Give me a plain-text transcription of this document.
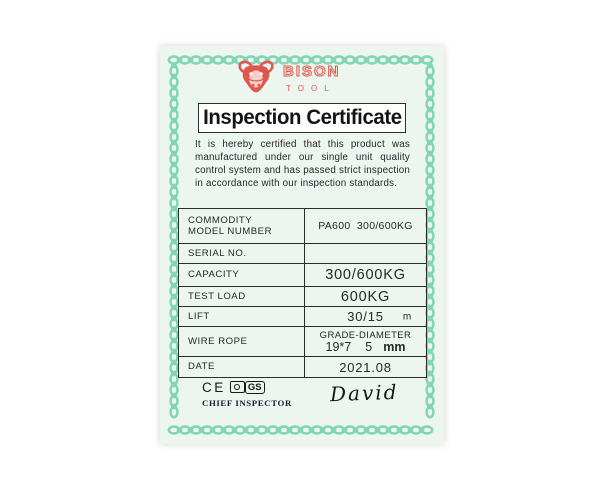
BISON
TOOL
Inspection Certificate

It is hereby certified that this product was manufactured under our single unit quality control system and has passed strict inspection in accordance with our inspection standards.

COMMODITY
MODEL NUMBER	PA600  300/600KG
SERIAL NO.	
CAPACITY	300/600KG
TEST LOAD	600KG
LIFT	30/15 m

WIRE ROPE	GRADE-DIAMETER
19*7 5 mm

DATE	2021.08
CE GS
CHIEF INSPECTOR David
